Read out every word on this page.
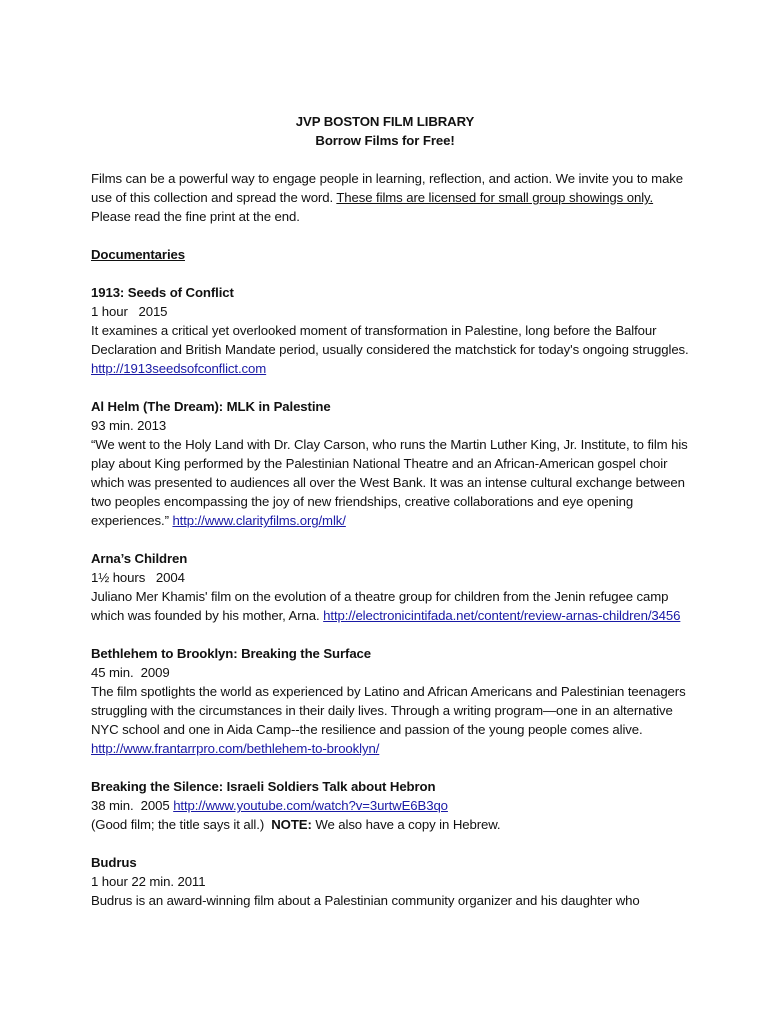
JVP BOSTON FILM LIBRARY
Borrow Films for Free!
Films can be a powerful way to engage people in learning, reflection, and action. We invite you to make use of this collection and spread the word. These films are licensed for small group showings only. Please read the fine print at the end.
Documentaries
1913: Seeds of Conflict
1 hour   2015
It examines a critical yet overlooked moment of transformation in Palestine, long before the Balfour Declaration and British Mandate period, usually considered the matchstick for today's ongoing struggles. http://1913seedsofconflict.com
Al Helm (The Dream): MLK in Palestine
93 min. 2013
“We went to the Holy Land with Dr. Clay Carson, who runs the Martin Luther King, Jr. Institute, to film his play about King performed by the Palestinian National Theatre and an African-American gospel choir which was presented to audiences all over the West Bank. It was an intense cultural exchange between two peoples encompassing the joy of new friendships, creative collaborations and eye opening experiences.” http://www.clarityfilms.org/mlk/
Arna’s Children
1½ hours   2004
Juliano Mer Khamis' film on the evolution of a theatre group for children from the Jenin refugee camp which was founded by his mother, Arna. http://electronicintifada.net/content/review-arnas-children/3456
Bethlehem to Brooklyn: Breaking the Surface
45 min.  2009
The film spotlights the world as experienced by Latino and African Americans and Palestinian teenagers struggling with the circumstances in their daily lives. Through a writing program—one in an alternative NYC school and one in Aida Camp--the resilience and passion of the young people comes alive. http://www.frantarrpro.com/bethlehem-to-brooklyn/
Breaking the Silence: Israeli Soldiers Talk about Hebron
38 min.  2005 http://www.youtube.com/watch?v=3urtwE6B3qo
(Good film; the title says it all.)  NOTE: We also have a copy in Hebrew.
Budrus
1 hour 22 min. 2011
Budrus is an award-winning film about a Palestinian community organizer and his daughter who
